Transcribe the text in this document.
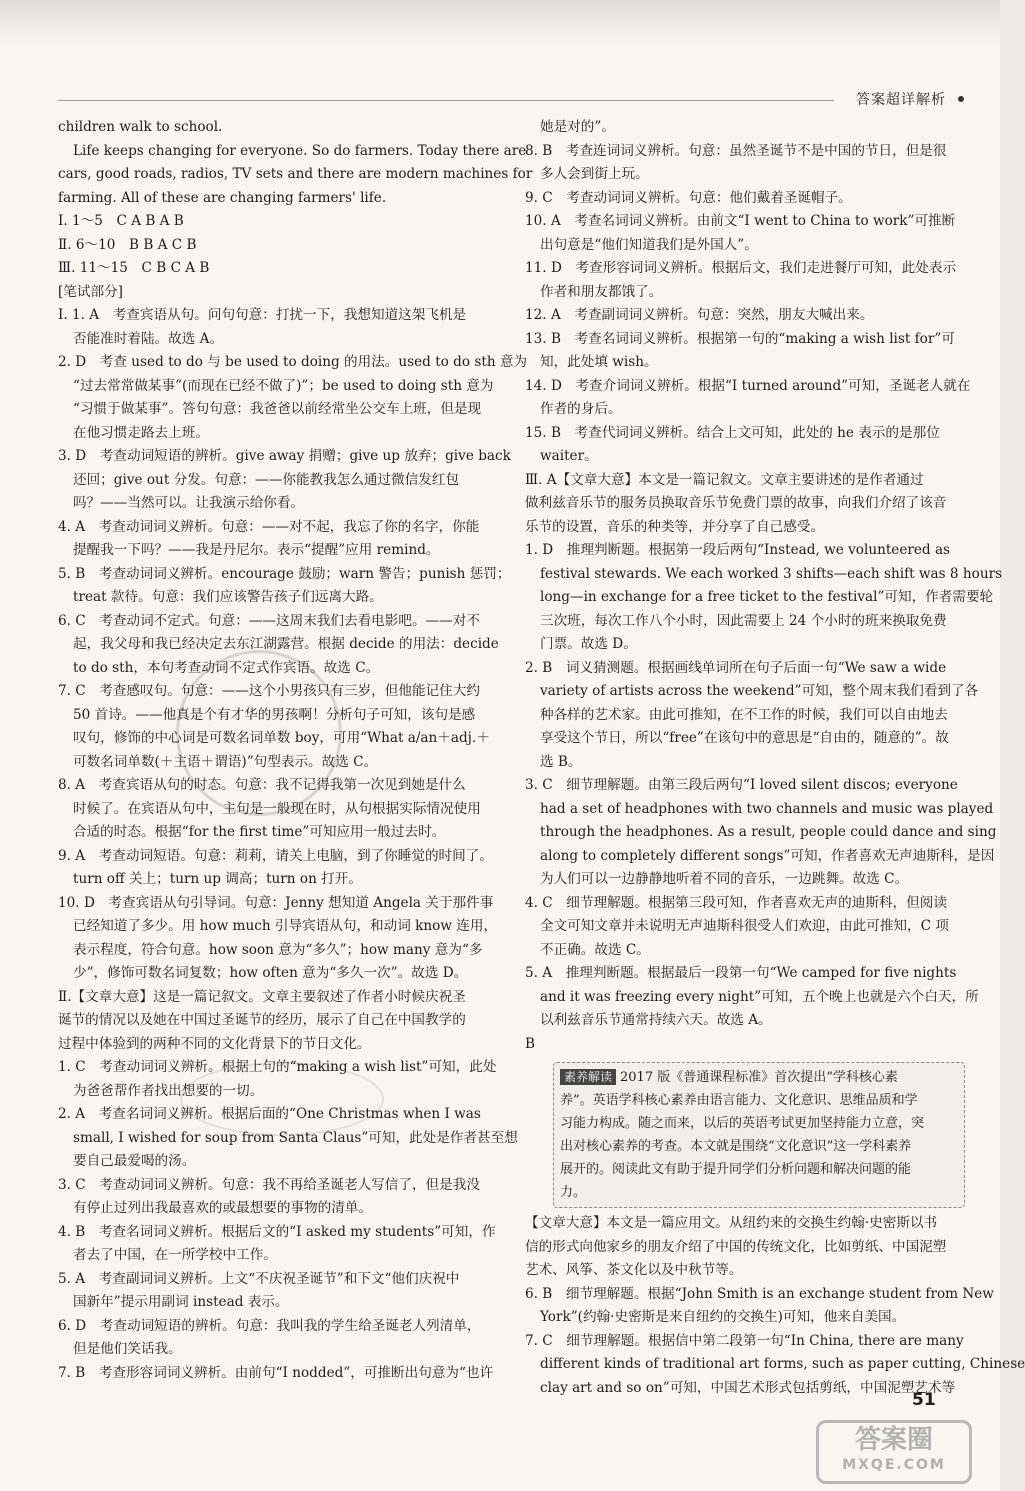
答案超详解析
children walk to school.
Life keeps changing for everyone. So do farmers. Today there are
cars, good roads, radios, TV sets and there are modern machines for
farming. All of these are changing farmers' life.
Ⅰ. 1～5　C A B A B
Ⅱ. 6～10　B B A C B
Ⅲ. 11～15　C B C A B
[笔试部分]
Ⅰ. 1. A　考查宾语从句。问句句意：打扰一下，我想知道这架飞机是
否能准时着陆。故选 A。
2. D　考查 used to do 与 be used to doing 的用法。used to do sth 意为
“过去常常做某事”(而现在已经不做了)”；be used to doing sth 意为
“习惯于做某事”。答句句意：我爸爸以前经常坐公交车上班，但是现
在他习惯走路去上班。
3. D　考查动词短语的辨析。give away 捐赠；give up 放弃；give back
还回；give out 分发。句意：——你能教我怎么通过微信发红包
吗？——当然可以。让我演示给你看。
4. A　考查动词词义辨析。句意：——对不起，我忘了你的名字，你能
提醒我一下吗？——我是丹尼尔。表示“提醒”应用 remind。
5. B　考查动词词义辨析。encourage 鼓励；warn 警告；punish 惩罚；
treat 款待。句意：我们应该警告孩子们远离大路。
6. C　考查动词不定式。句意：——这周末我们去看电影吧。——对不
起，我父母和我已经决定去东江湖露营。根据 decide 的用法：decide
to do sth，本句考查动词不定式作宾语。故选 C。
7. C　考查感叹句。句意：——这个小男孩只有三岁，但他能记住大约
50 首诗。——他真是个有才华的男孩啊！分析句子可知，该句是感
叹句，修饰的中心词是可数名词单数 boy，可用“What a/an＋adj.＋
可数名词单数(＋主语＋谓语)”句型表示。故选 C。
8. A　考查宾语从句的时态。句意：我不记得我第一次见到她是什么
时候了。在宾语从句中，主句是一般现在时，从句根据实际情况使用
合适的时态。根据“for the first time”可知应用一般过去时。
9. A　考查动词短语。句意：莉莉，请关上电脑，到了你睡觉的时间了。
turn off 关上；turn up 调高；turn on 打开。
10. D　考查宾语从句引导词。句意：Jenny 想知道 Angela 关于那件事
已经知道了多少。用 how much 引导宾语从句，和动词 know 连用，
表示程度，符合句意。how soon 意为“多久”；how many 意为“多
少”，修饰可数名词复数；how often 意为“多久一次”。故选 D。
Ⅱ.【文章大意】这是一篇记叙文。文章主要叙述了作者小时候庆祝圣
诞节的情况以及她在中国过圣诞节的经历，展示了自己在中国教学的
过程中体验到的两种不同的文化背景下的节日文化。
1. C　考查动词词义辨析。根据上句的“making a wish list”可知，此处
为爸爸帮作者找出想要的一切。
2. A　考查名词词义辨析。根据后面的“One Christmas when I was
small, I wished for soup from Santa Claus”可知，此处是作者甚至想
要自己最爱喝的汤。
3. C　考查动词词义辨析。句意：我不再给圣诞老人写信了，但是我没
有停止过列出我最喜欢的或最想要的事物的清单。
4. B　考查名词词义辨析。根据后文的“I asked my students”可知，作
者去了中国，在一所学校中工作。
5. A　考查副词词义辨析。上文“不庆祝圣诞节”和下文“他们庆祝中
国新年”提示用副词 instead 表示。
6. D　考查动词短语的辨析。句意：我叫我的学生给圣诞老人列清单，
但是他们笑话我。
7. B　考查形容词词义辨析。由前句“I nodded”，可推断出句意为“也许
她是对的”。
8. B　考查连词词义辨析。句意：虽然圣诞节不是中国的节日，但是很
多人会到街上玩。
9. C　考查动词词义辨析。句意：他们戴着圣诞帽子。
10. A　考查名词词义辨析。由前文“I went to China to work”可推断
出句意是“他们知道我们是外国人”。
11. D　考查形容词词义辨析。根据后文，我们走进餐厅可知，此处表示
作者和朋友都饿了。
12. A　考查副词词义辨析。句意：突然，朋友大喊出来。
13. B　考查名词词义辨析。根据第一句的“making a wish list for”可
知，此处填 wish。
14. D　考查介词词义辨析。根据“I turned around”可知，圣诞老人就在
作者的身后。
15. B　考查代词词义辨析。结合上文可知，此处的 he 表示的是那位
waiter。
Ⅲ. A【文章大意】本文是一篇记叙文。文章主要讲述的是作者通过
做利兹音乐节的服务员换取音乐节免费门票的故事，向我们介绍了该音
乐节的设置，音乐的种类等，并分享了自己感受。
1. D　推理判断题。根据第一段后两句“Instead, we volunteered as
festival stewards. We each worked 3 shifts—each shift was 8 hours
long—in exchange for a free ticket to the festival”可知，作者需要轮
三次班，每次工作八个小时，因此需要上 24 个小时的班来换取免费
门票。故选 D。
2. B　词义猜测题。根据画线单词所在句子后面一句“We saw a wide
variety of artists across the weekend”可知，整个周末我们看到了各
种各样的艺术家。由此可推知，在不工作的时候，我们可以自由地去
享受这个节日，所以“free”在该句中的意思是“自由的，随意的”。故
选 B。
3. C　细节理解题。由第三段后两句“I loved silent discos; everyone
had a set of headphones with two channels and music was played
through the headphones. As a result, people could dance and sing
along to completely different songs”可知，作者喜欢无声迪斯科，是因
为人们可以一边静静地听着不同的音乐，一边跳舞。故选 C。
4. C　细节理解题。根据第三段可知，作者喜欢无声的迪斯科，但阅读
全文可知文章并未说明无声迪斯科很受人们欢迎，由此可推知，C 项
不正确。故选 C。
5. A　推理判断题。根据最后一段第一句“We camped for five nights
and it was freezing every night”可知，五个晚上也就是六个白天，所
以利兹音乐节通常持续六天。故选 A。
B
素养解读 2017 版《普通课程标准》首次提出“学科核心素
养”。英语学科核心素养由语言能力、文化意识、思维品质和学
习能力构成。随之而来，以后的英语考试更加坚持能力立意，突
出对核心素养的考查。本文就是围绕“文化意识”这一学科素养
展开的。阅读此文有助于提升同学们分析问题和解决问题的能
力。
【文章大意】本文是一篇应用文。从纽约来的交换生约翰·史密斯以书
信的形式向他家乡的朋友介绍了中国的传统文化，比如剪纸、中国泥塑
艺术、风筝、茶文化以及中秋节等。
6. B　细节理解题。根据“John Smith is an exchange student from New
York”(约翰·史密斯是来自纽约的交换生)可知，他来自美国。
7. C　细节理解题。根据信中第二段第一句“In China, there are many
different kinds of traditional art forms, such as paper cutting, Chinese
clay art and so on”可知，中国艺术形式包括剪纸，中国泥塑艺术等
51
答案圈
MXQE.COM
